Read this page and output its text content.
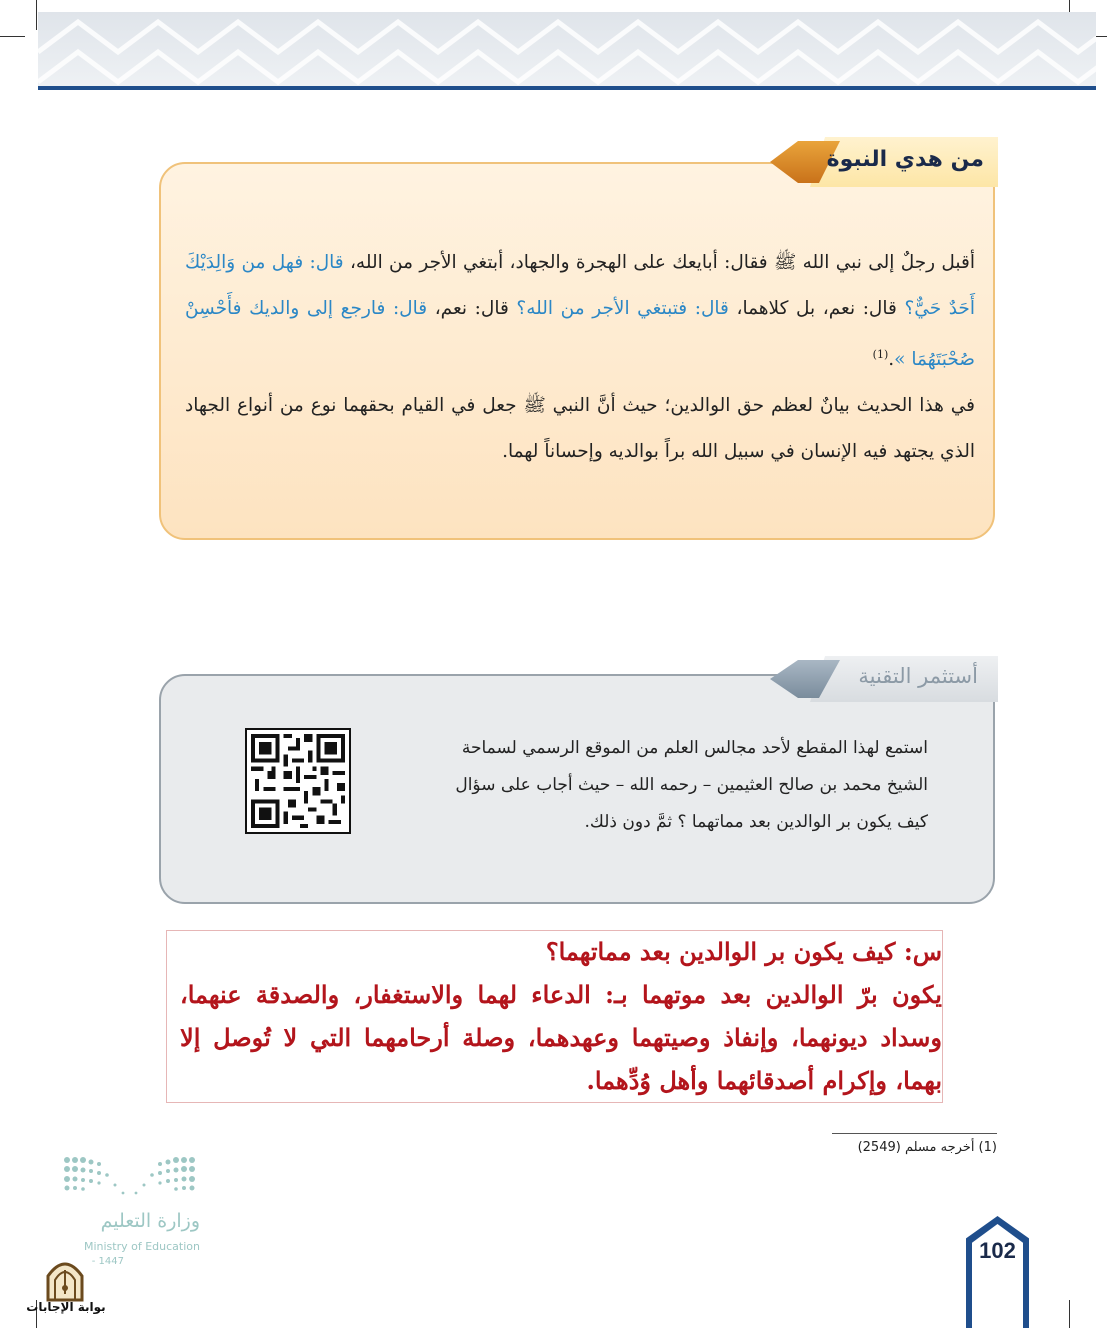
من هدي النبوة
أقبل رجلٌ إلى نبي الله ﷺ فقال: أبايعك على الهجرة والجهاد، أبتغي الأجر من الله، قال: فهل من وَالِدَيْكَ أَحَدٌ حَيٌّ؟ قال: نعم، بل كلاهما، قال: فتبتغي الأجر من الله؟ قال: نعم، قال: فارجع إلى والديك فأَحْسِنْ صُحْبَتَهُمَا ».$^{(1)}$
في هذا الحديث بيانٌ لعظم حق الوالدين؛ حيث أنَّ النبي ﷺ جعل في القيام بحقهما نوع من أنواع الجهاد الذي يجتهد فيه الإنسان في سبيل الله براً بوالديه وإحساناً لهما.
أستثمر التقنية
استمع لهذا المقطع لأحد مجالس العلم من الموقع الرسمي لسماحة الشيخ محمد بن صالح العثيمين – رحمه الله – حيث أجاب على سؤال كيف يكون بر الوالدين بعد مماتهما ؟ ثمَّ دون ذلك.
س: كيف يكون بر الوالدين بعد مماتهما؟
يكون برّ الوالدين بعد موتهما بـ: الدعاء لهما والاستغفار، والصدقة عنهما، وسداد ديونهما، وإنفاذ وصيتهما وعهدهما، وصلة أرحامهما التي لا تُوصل إلا بهما، وإكرام أصدقائهما وأهل وُدِّهما.
(1) أخرجه مسلم (2549)
وزارة التعليم
Ministry of Education
- 1447
بوابة الإجابات
102
